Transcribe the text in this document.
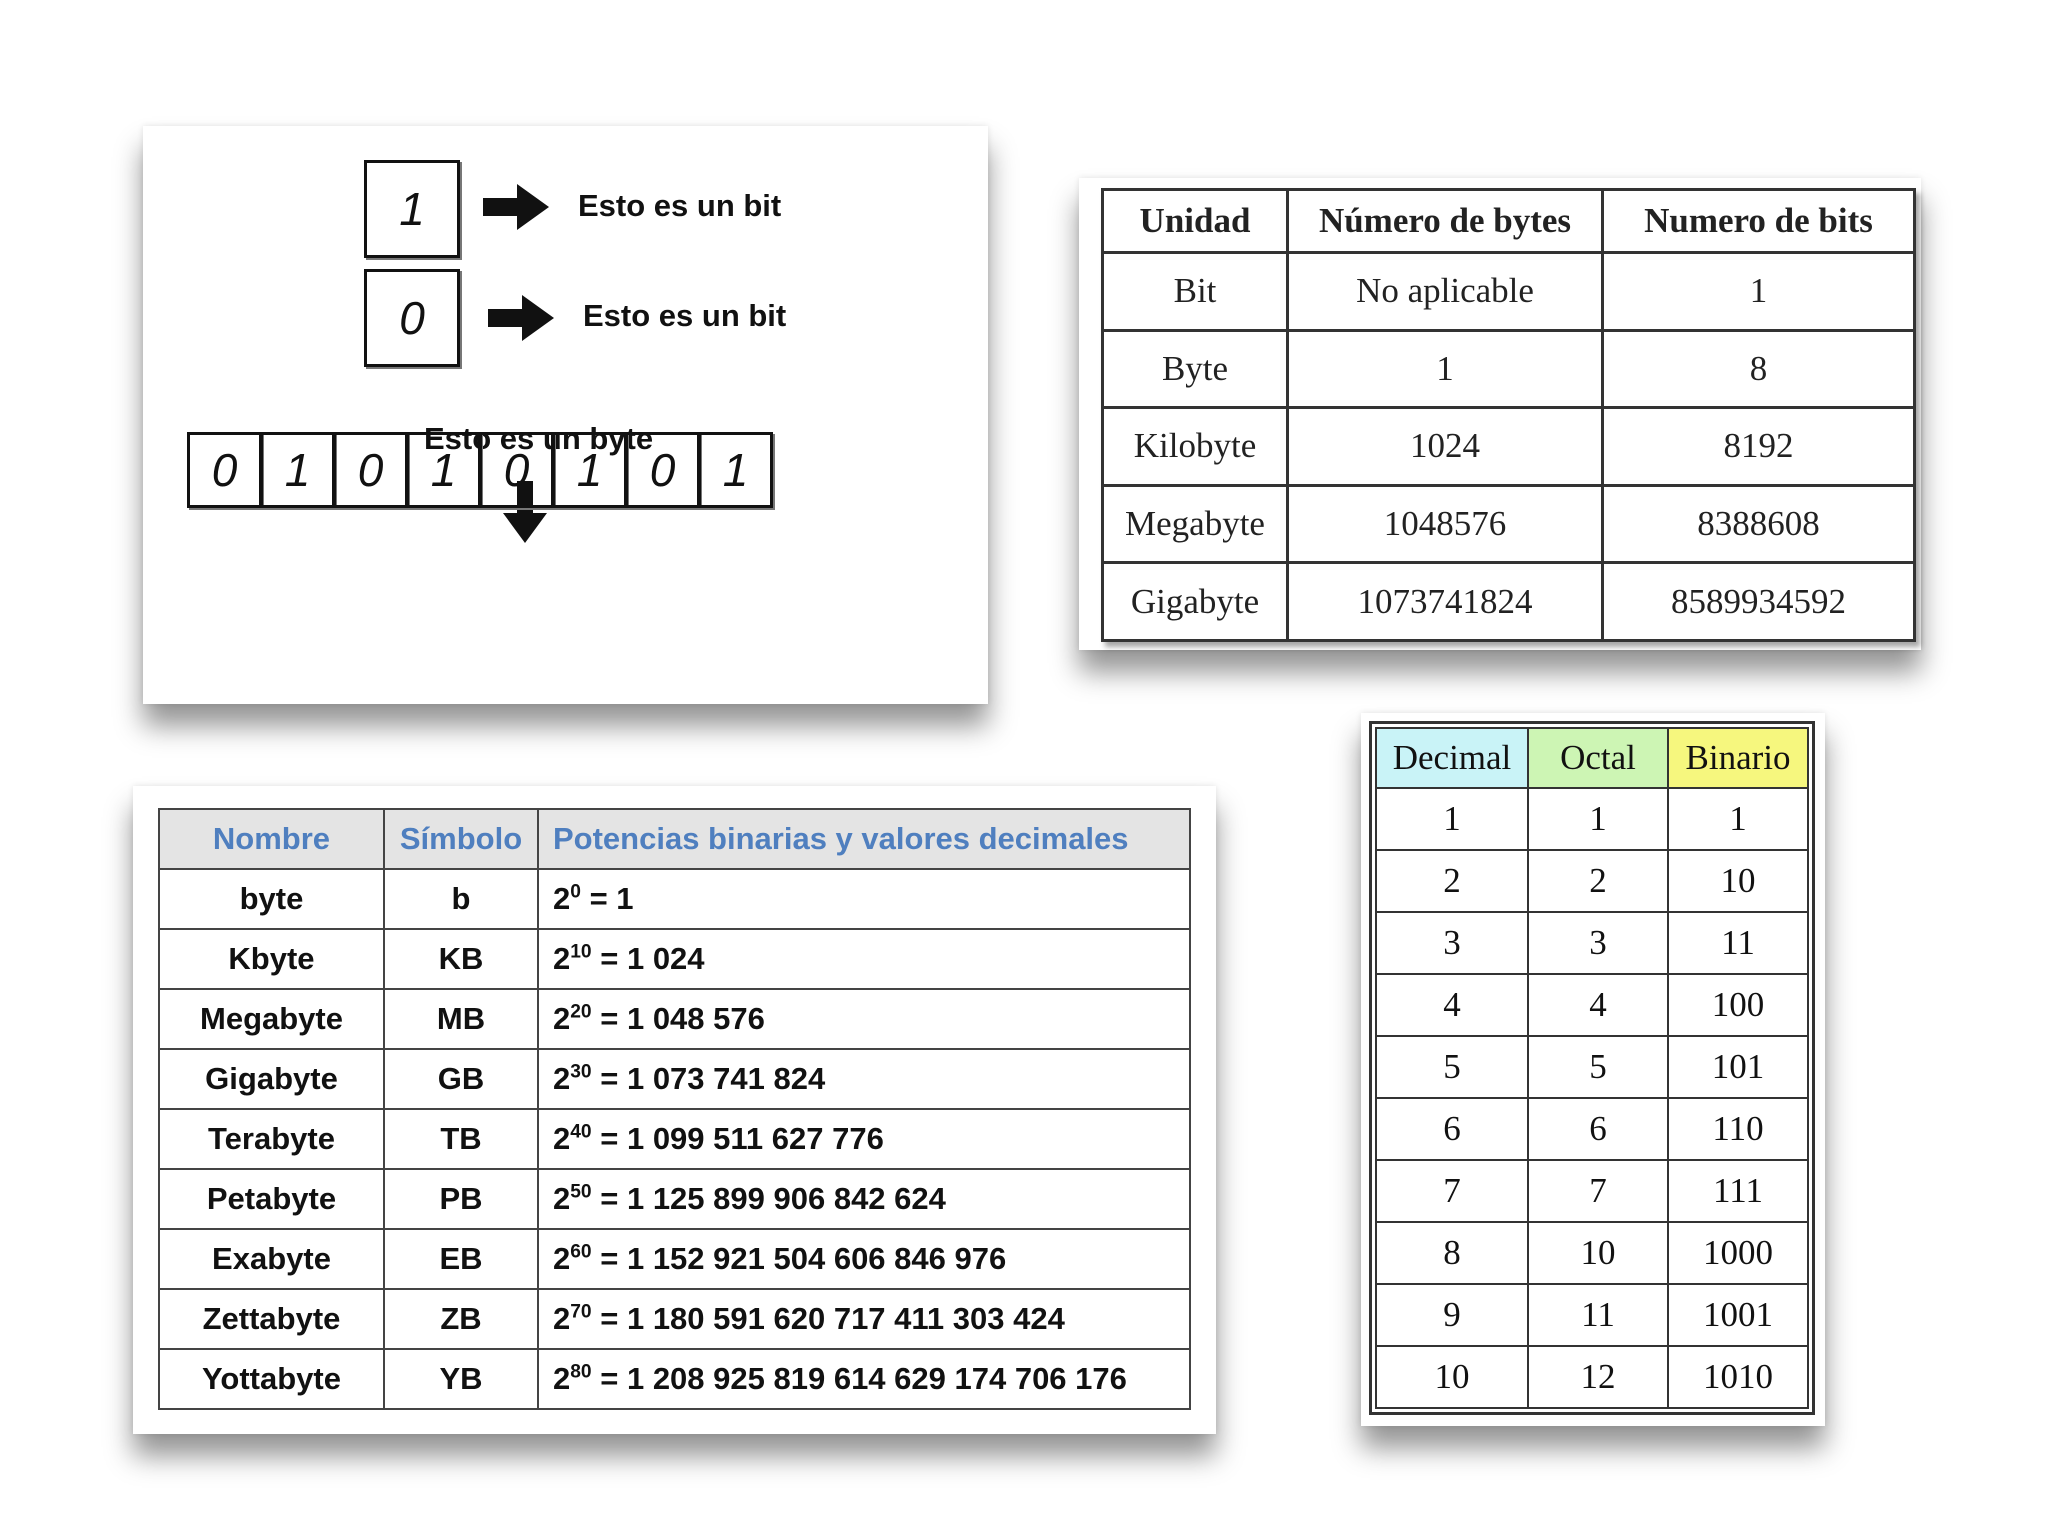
1	Esto es un bit
0	Esto es un bit
Esto es un byte
0	1	0	1	0	1	0	1
Unidad	Número de bytes	Numero de bits
Bit	No aplicable	1
Byte	1	8
Kilobyte	1024	8192
Megabyte	1048576	8388608
Gigabyte	1073741824	8589934592
Nombre	Símbolo	Potencias binarias y valores decimales
byte	b	$2^0 = 1$
Kbyte	KB	$2^{10} = 1$ 024
Megabyte	MB	$2^{20} = 1$ 048 576
Gigabyte	GB	$2^{30} = 1$ 073 741 824
Terabyte	TB	$2^{40} = 1$ 099 511 627 776
Petabyte	PB	$2^{50} = 1$ 125 899 906 842 624
Exabyte	EB	$2^{60} = 1$ 152 921 504 606 846 976
Zettabyte	ZB	$2^{70} = 1$ 180 591 620 717 411 303 424
Yottabyte	YB	$2^{80} = 1$ 208 925 819 614 629 174 706 176
Decimal	Octal	Binario
1	1	1
2	2	10
3	3	11
4	4	100
5	5	101
6	6	110
7	7	111
8	10	1000
9	11	1001
10	12	1010
